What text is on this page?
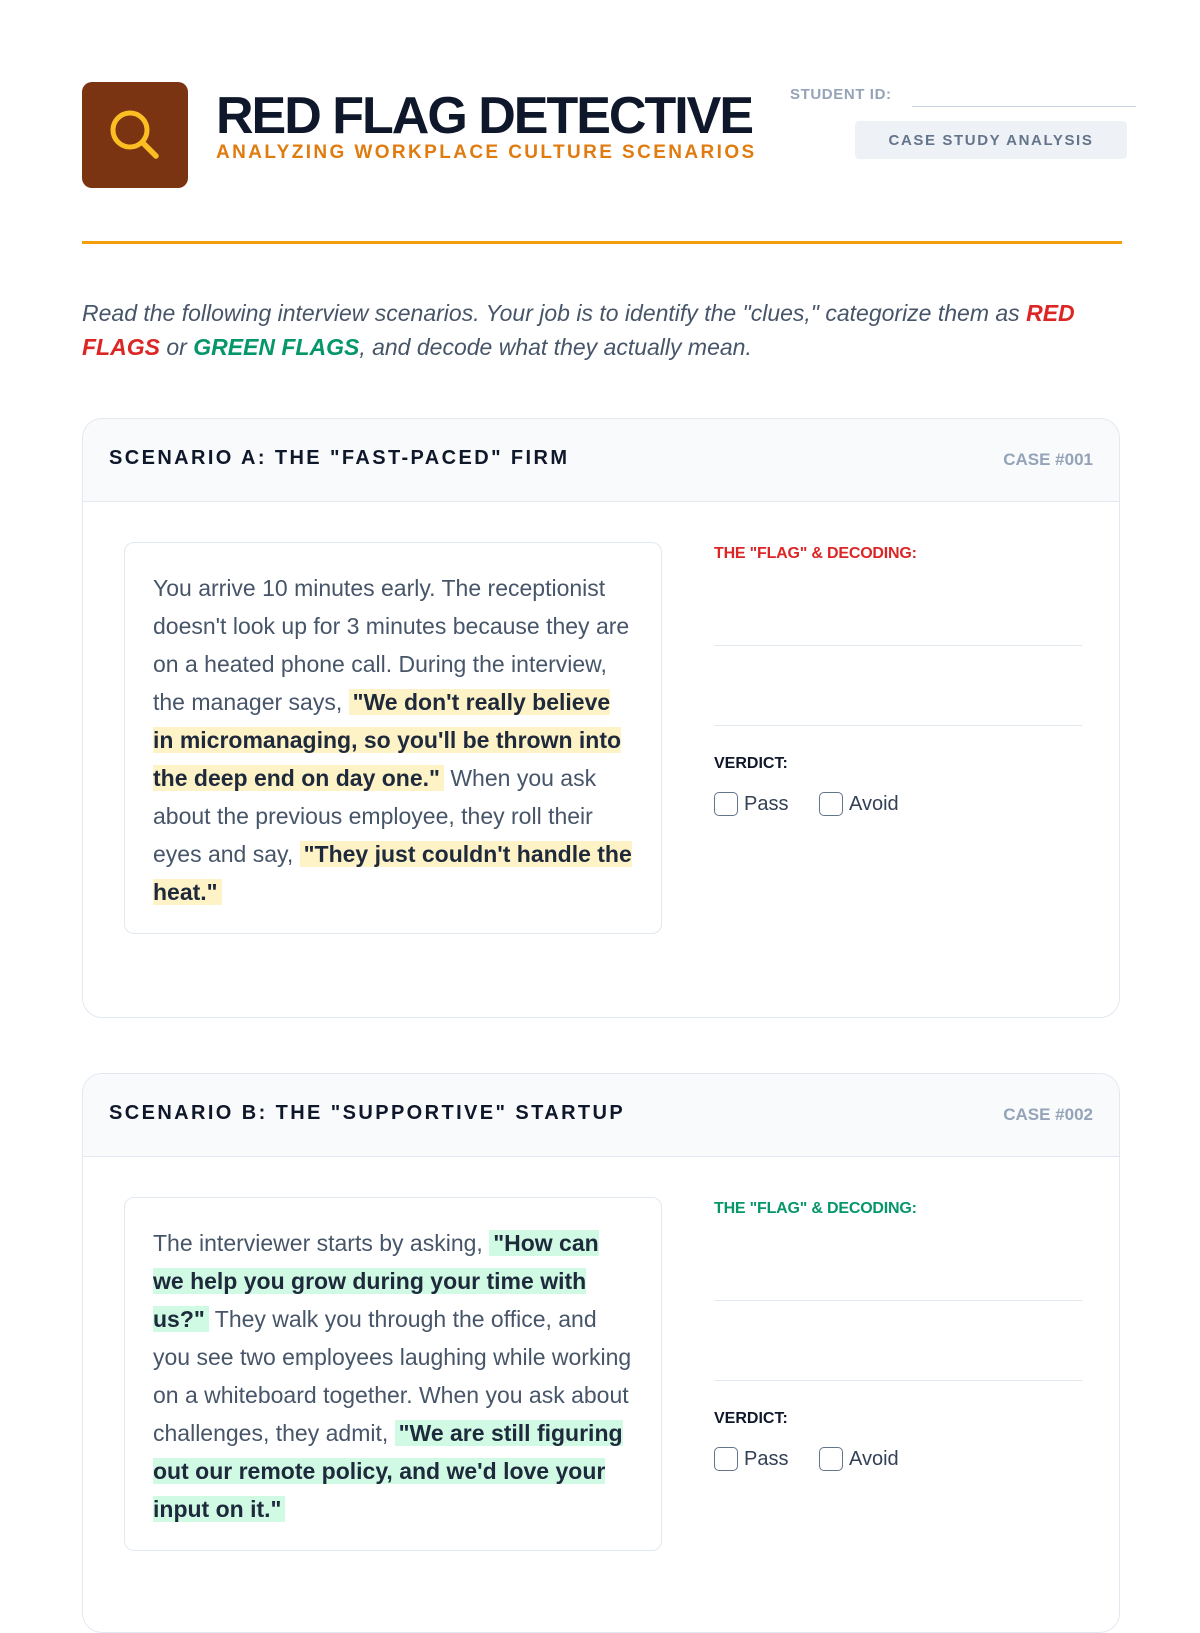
RED FLAG DETECTIVE
ANALYZING WORKPLACE CULTURE SCENARIOS
STUDENT ID:
CASE STUDY ANALYSIS
Read the following interview scenarios. Your job is to identify the "clues," categorize them as RED FLAGS or GREEN FLAGS, and decode what they actually mean.
SCENARIO A: THE "FAST-PACED" FIRM	CASE #001
You arrive 10 minutes early. The receptionist doesn't look up for 3 minutes because they are on a heated phone call. During the interview, the manager says, "We don't really believe in micromanaging, so you'll be thrown into the deep end on day one." When you ask about the previous employee, they roll their eyes and say, "They just couldn't handle the heat."
THE "FLAG" & DECODING:
VERDICT:
Pass	Avoid
SCENARIO B: THE "SUPPORTIVE" STARTUP	CASE #002
The interviewer starts by asking, "How can we help you grow during your time with us?" They walk you through the office, and you see two employees laughing while working on a whiteboard together. When you ask about challenges, they admit, "We are still figuring out our remote policy, and we'd love your input on it."
THE "FLAG" & DECODING:
VERDICT:
Pass	Avoid
